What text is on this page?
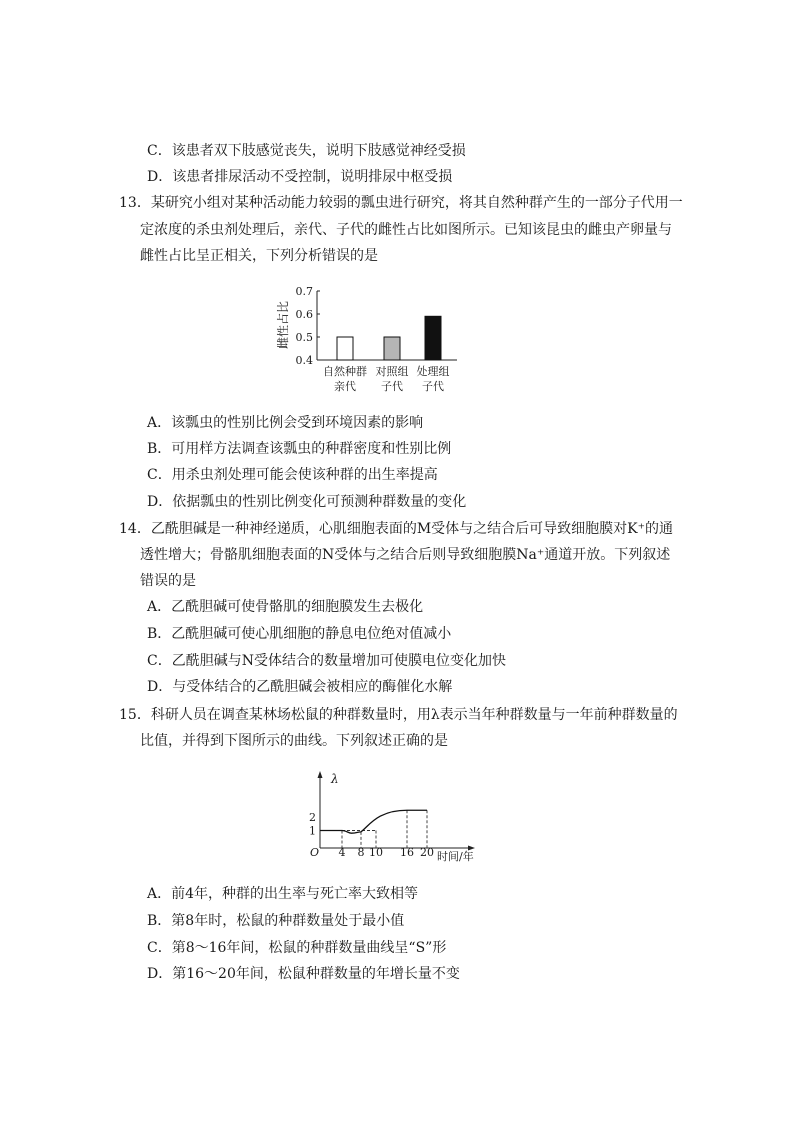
C．该患者双下肢感觉丧失，说明下肢感觉神经受损
D．该患者排尿活动不受控制，说明排尿中枢受损
13．某研究小组对某种活动能力较弱的瓢虫进行研究，将其自然种群产生的一部分子代用一
定浓度的杀虫剂处理后，亲代、子代的雌性占比如图所示。已知该昆虫的雌虫产卵量与
雌性占比呈正相关，下列分析错误的是
0.4
0.5
0.6
0.7
自然种群
亲代
对照组
子代
处理组
子代
雌性占比
A．该瓢虫的性别比例会受到环境因素的影响
B．可用样方法调查该瓢虫的种群密度和性别比例
C．用杀虫剂处理可能会使该种群的出生率提高
D．依据瓢虫的性别比例变化可预测种群数量的变化
14．乙酰胆碱是一种神经递质，心肌细胞表面的M受体与之结合后可导致细胞膜对K⁺的通
透性增大；骨骼肌细胞表面的N受体与之结合后则导致细胞膜Na⁺通道开放。下列叙述
错误的是
A．乙酰胆碱可使骨骼肌的细胞膜发生去极化
B．乙酰胆碱可使心肌细胞的静息电位绝对值减小
C．乙酰胆碱与N受体结合的数量增加可使膜电位变化加快
D．与受体结合的乙酰胆碱会被相应的酶催化水解
15．科研人员在调查某林场松鼠的种群数量时，用λ表示当年种群数量与一年前种群数量的
比值，并得到下图所示的曲线。下列叙述正确的是
λ
O	时间/年
4 8 10 16 20
1
2
A．前4年，种群的出生率与死亡率大致相等
B．第8年时，松鼠的种群数量处于最小值
C．第8～16年间，松鼠的种群数量曲线呈“S”形
D．第16～20年间，松鼠种群数量的年增长量不变
